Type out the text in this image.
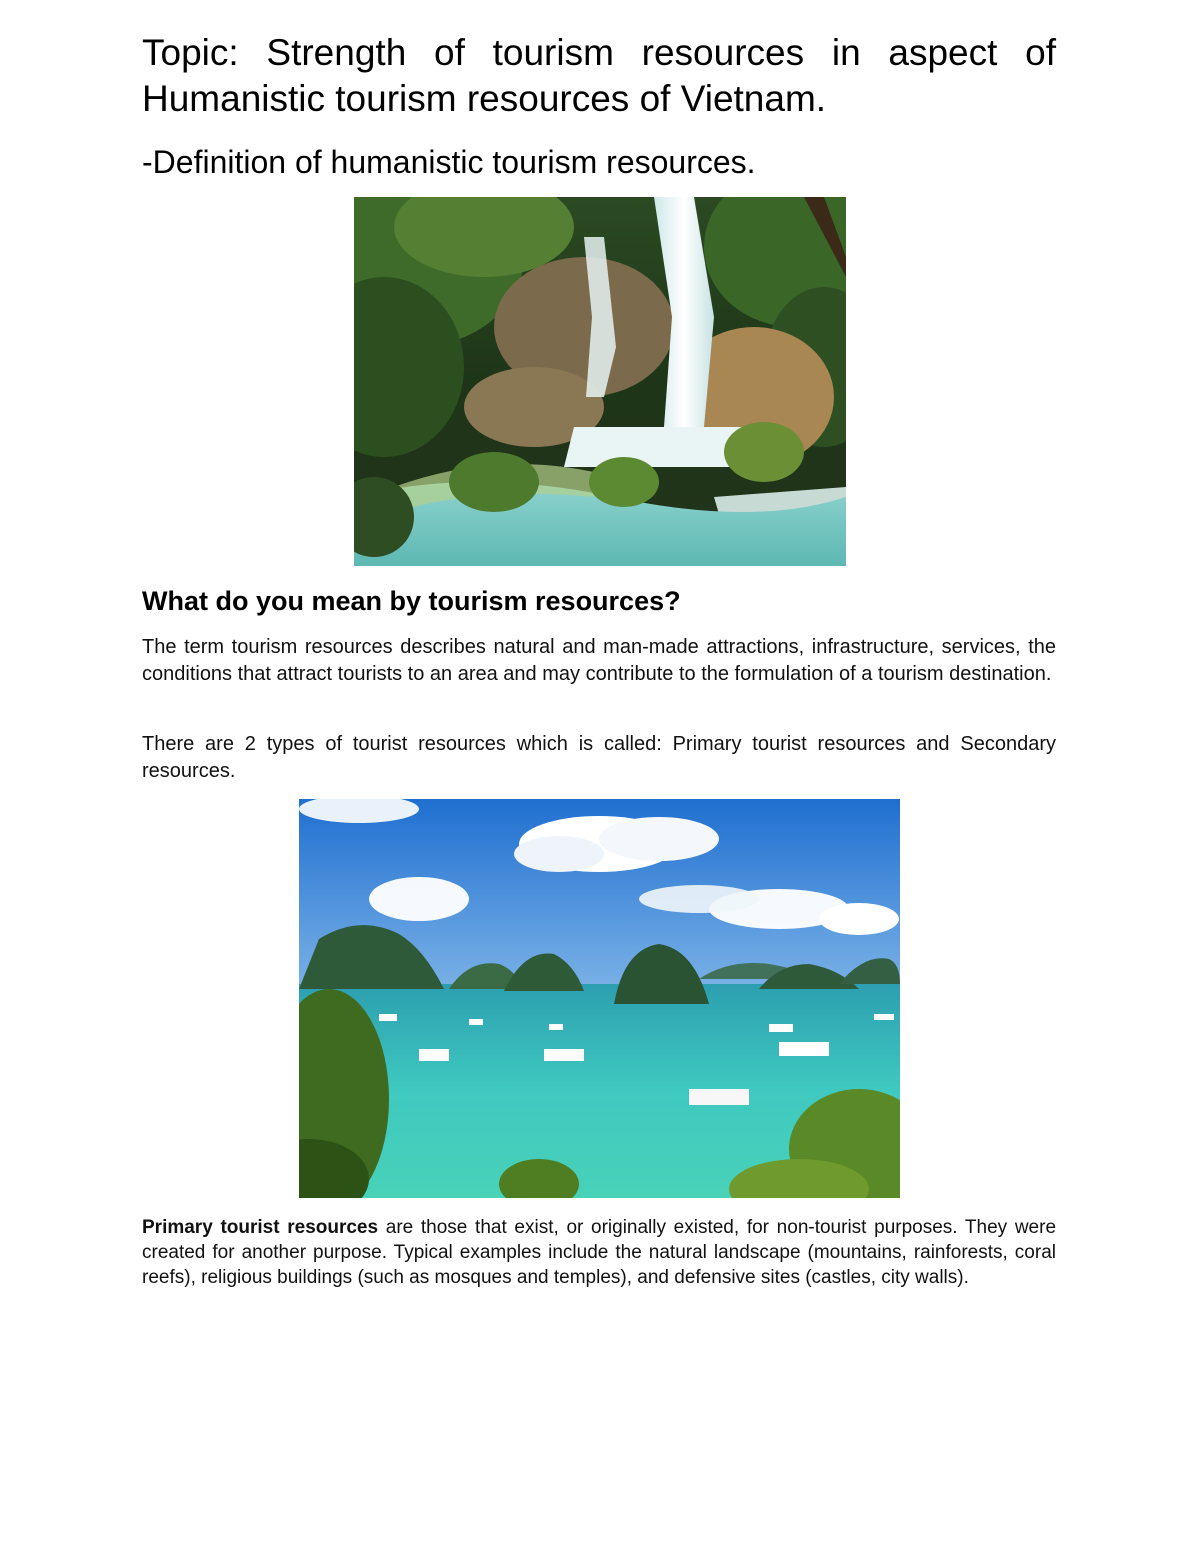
Topic: Strength of tourism resources in aspect of
Humanistic tourism resources of Vietnam.
-Definition of humanistic tourism resources.
What do you mean by tourism resources?

The term tourism resources describes natural and man-made attractions, infrastructure, services, the conditions that attract tourists to an area and may contribute to the formulation of a tourism destination.

There are 2 types of tourist resources which is called: Primary tourist resources and Secondary resources.

Primary tourist resources are those that exist, or originally existed, for non-tourist purposes. They were created for another purpose. Typical examples include the natural landscape (mountains, rainforests, coral reefs), religious buildings (such as mosques and temples), and defensive sites (castles, city walls).
